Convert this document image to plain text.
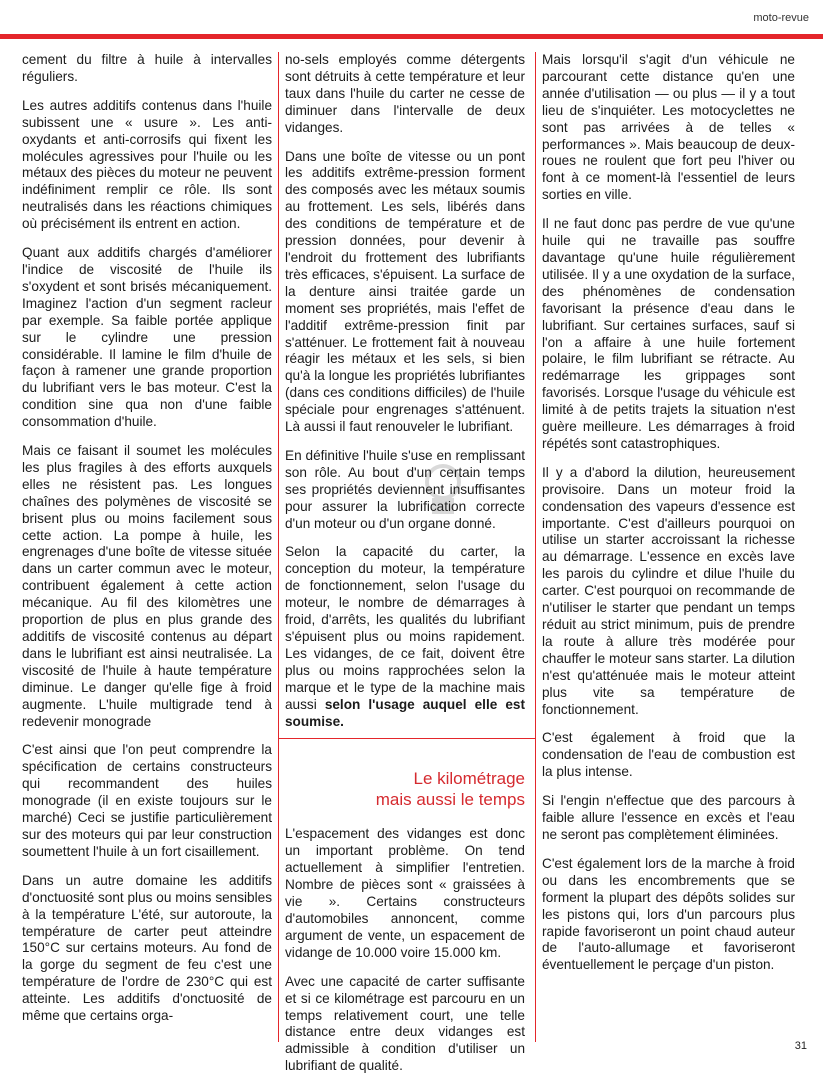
moto-revue

cement du filtre à huile à intervalles réguliers.

Les autres additifs contenus dans l'huile subissent une « usure ». Les anti-oxydants et anti-corrosifs qui fixent les molécules agressives pour l'huile ou les métaux des pièces du moteur ne peuvent indéfiniment remplir ce rôle. Ils sont neutralisés dans les réactions chimiques où précisément ils entrent en action.

Quant aux additifs chargés d'améliorer l'indice de viscosité de l'huile ils s'oxydent et sont brisés mécaniquement. Imaginez l'action d'un segment racleur par exemple. Sa faible portée applique sur le cylindre une pression considérable. Il lamine le film d'huile de façon à ramener une grande proportion du lubrifiant vers le bas moteur. C'est la condition sine qua non d'une faible consommation d'huile.

Mais ce faisant il soumet les molécules les plus fragiles à des efforts auxquels elles ne résistent pas. Les longues chaînes des polymènes de viscosité se brisent plus ou moins facilement sous cette action. La pompe à huile, les engrenages d'une boîte de vitesse située dans un carter commun avec le moteur, contribuent également à cette action mécanique. Au fil des kilomètres une proportion de plus en plus grande des additifs de viscosité contenus au départ dans le lubrifiant est ainsi neutralisée. La viscosité de l'huile à haute température diminue. Le danger qu'elle fige à froid augmente. L'huile multigrade tend à redevenir monograde

C'est ainsi que l'on peut comprendre la spécification de certains constructeurs qui recommandent des huiles monograde (il en existe toujours sur le marché) Ceci se justifie particulièrement sur des moteurs qui par leur construction soumettent l'huile à un fort cisaillement.

Dans un autre domaine les additifs d'onctuosité sont plus ou moins sensibles à la température L'été, sur autoroute, la température de carter peut atteindre 150°C sur certains moteurs. Au fond de la gorge du segment de feu c'est une température de l'ordre de 230°C qui est atteinte. Les additifs d'onctuosité de même que certains orga-

no-sels employés comme détergents sont détruits à cette température et leur taux dans l'huile du carter ne cesse de diminuer dans l'intervalle de deux vidanges.

Dans une boîte de vitesse ou un pont les additifs extrême-pression forment des composés avec les métaux soumis au frottement. Les sels, libérés dans des conditions de température et de pression données, pour devenir à l'endroit du frottement des lubrifiants très efficaces, s'épuisent. La surface de la denture ainsi traitée garde un moment ses propriétés, mais l'effet de l'additif extrême-pression finit par s'atténuer. Le frottement fait à nouveau réagir les métaux et les sels, si bien qu'à la longue les propriétés lubrifiantes (dans ces conditions difficiles) de l'huile spéciale pour engrenages s'atténuent. Là aussi il faut renouveler le lubrifiant.

En définitive l'huile s'use en remplissant son rôle. Au bout d'un certain temps ses propriétés deviennent insuffisantes pour assurer la lubrification correcte d'un moteur ou d'un organe donné.

Selon la capacité du carter, la conception du moteur, la température de fonctionnement, selon l'usage du moteur, le nombre de démarrages à froid, d'arrêts, les qualités du lubrifiant s'épuisent plus ou moins rapidement. Les vidanges, de ce fait, doivent être plus ou moins rapprochées selon la marque et le type de la machine mais aussi selon l'usage auquel elle est soumise.

Le kilométrage
mais aussi le temps

L'espacement des vidanges est donc un important problème. On tend actuellement à simplifier l'entretien. Nombre de pièces sont « graissées à vie ». Certains constructeurs d'automobiles annoncent, comme argument de vente, un espacement de vidange de 10.000 voire 15.000 km.

Avec une capacité de carter suffisante et si ce kilométrage est parcouru en un temps relativement court, une telle distance entre deux vidanges est admissible à condition d'utiliser un lubrifiant de qualité.

Mais lorsqu'il s'agit d'un véhicule ne parcourant cette distance qu'en une année d'utilisation — ou plus — il y a tout lieu de s'inquiéter. Les motocyclettes ne sont pas arrivées à de telles « performances ». Mais beaucoup de deux-roues ne roulent que fort peu l'hiver ou font à ce moment-là l'essentiel de leurs sorties en ville.

Il ne faut donc pas perdre de vue qu'une huile qui ne travaille pas souffre davantage qu'une huile régulièrement utilisée. Il y a une oxydation de la surface, des phénomènes de condensation favorisant la présence d'eau dans le lubrifiant. Sur certaines surfaces, sauf si l'on a affaire à une huile fortement polaire, le film lubrifiant se rétracte. Au redémarrage les grippages sont favorisés. Lorsque l'usage du véhicule est limité à de petits trajets la situation n'est guère meilleure. Les démarrages à froid répétés sont catastrophiques.

Il y a d'abord la dilution, heureusement provisoire. Dans un moteur froid la condensation des vapeurs d'essence est importante. C'est d'ailleurs pourquoi on utilise un starter accroissant la richesse au démarrage. L'essence en excès lave les parois du cylindre et dilue l'huile du carter. C'est pourquoi on recommande de n'utiliser le starter que pendant un temps réduit au strict minimum, puis de prendre la route à allure très modérée pour chauffer le moteur sans starter. La dilution n'est qu'atténuée mais le moteur atteint plus vite sa température de fonctionnement.

C'est également à froid que la condensation de l'eau de combustion est la plus intense.

Si l'engin n'effectue que des parcours à faible allure l'essence en excès et l'eau ne seront pas complètement éliminées.

C'est également lors de la marche à froid ou dans les encombrements que se forment la plupart des dépôts solides sur les pistons qui, lors d'un parcours plus rapide favoriseront un point chaud auteur de l'auto-allumage et favoriseront éventuellement le perçage d'un piston.

31
